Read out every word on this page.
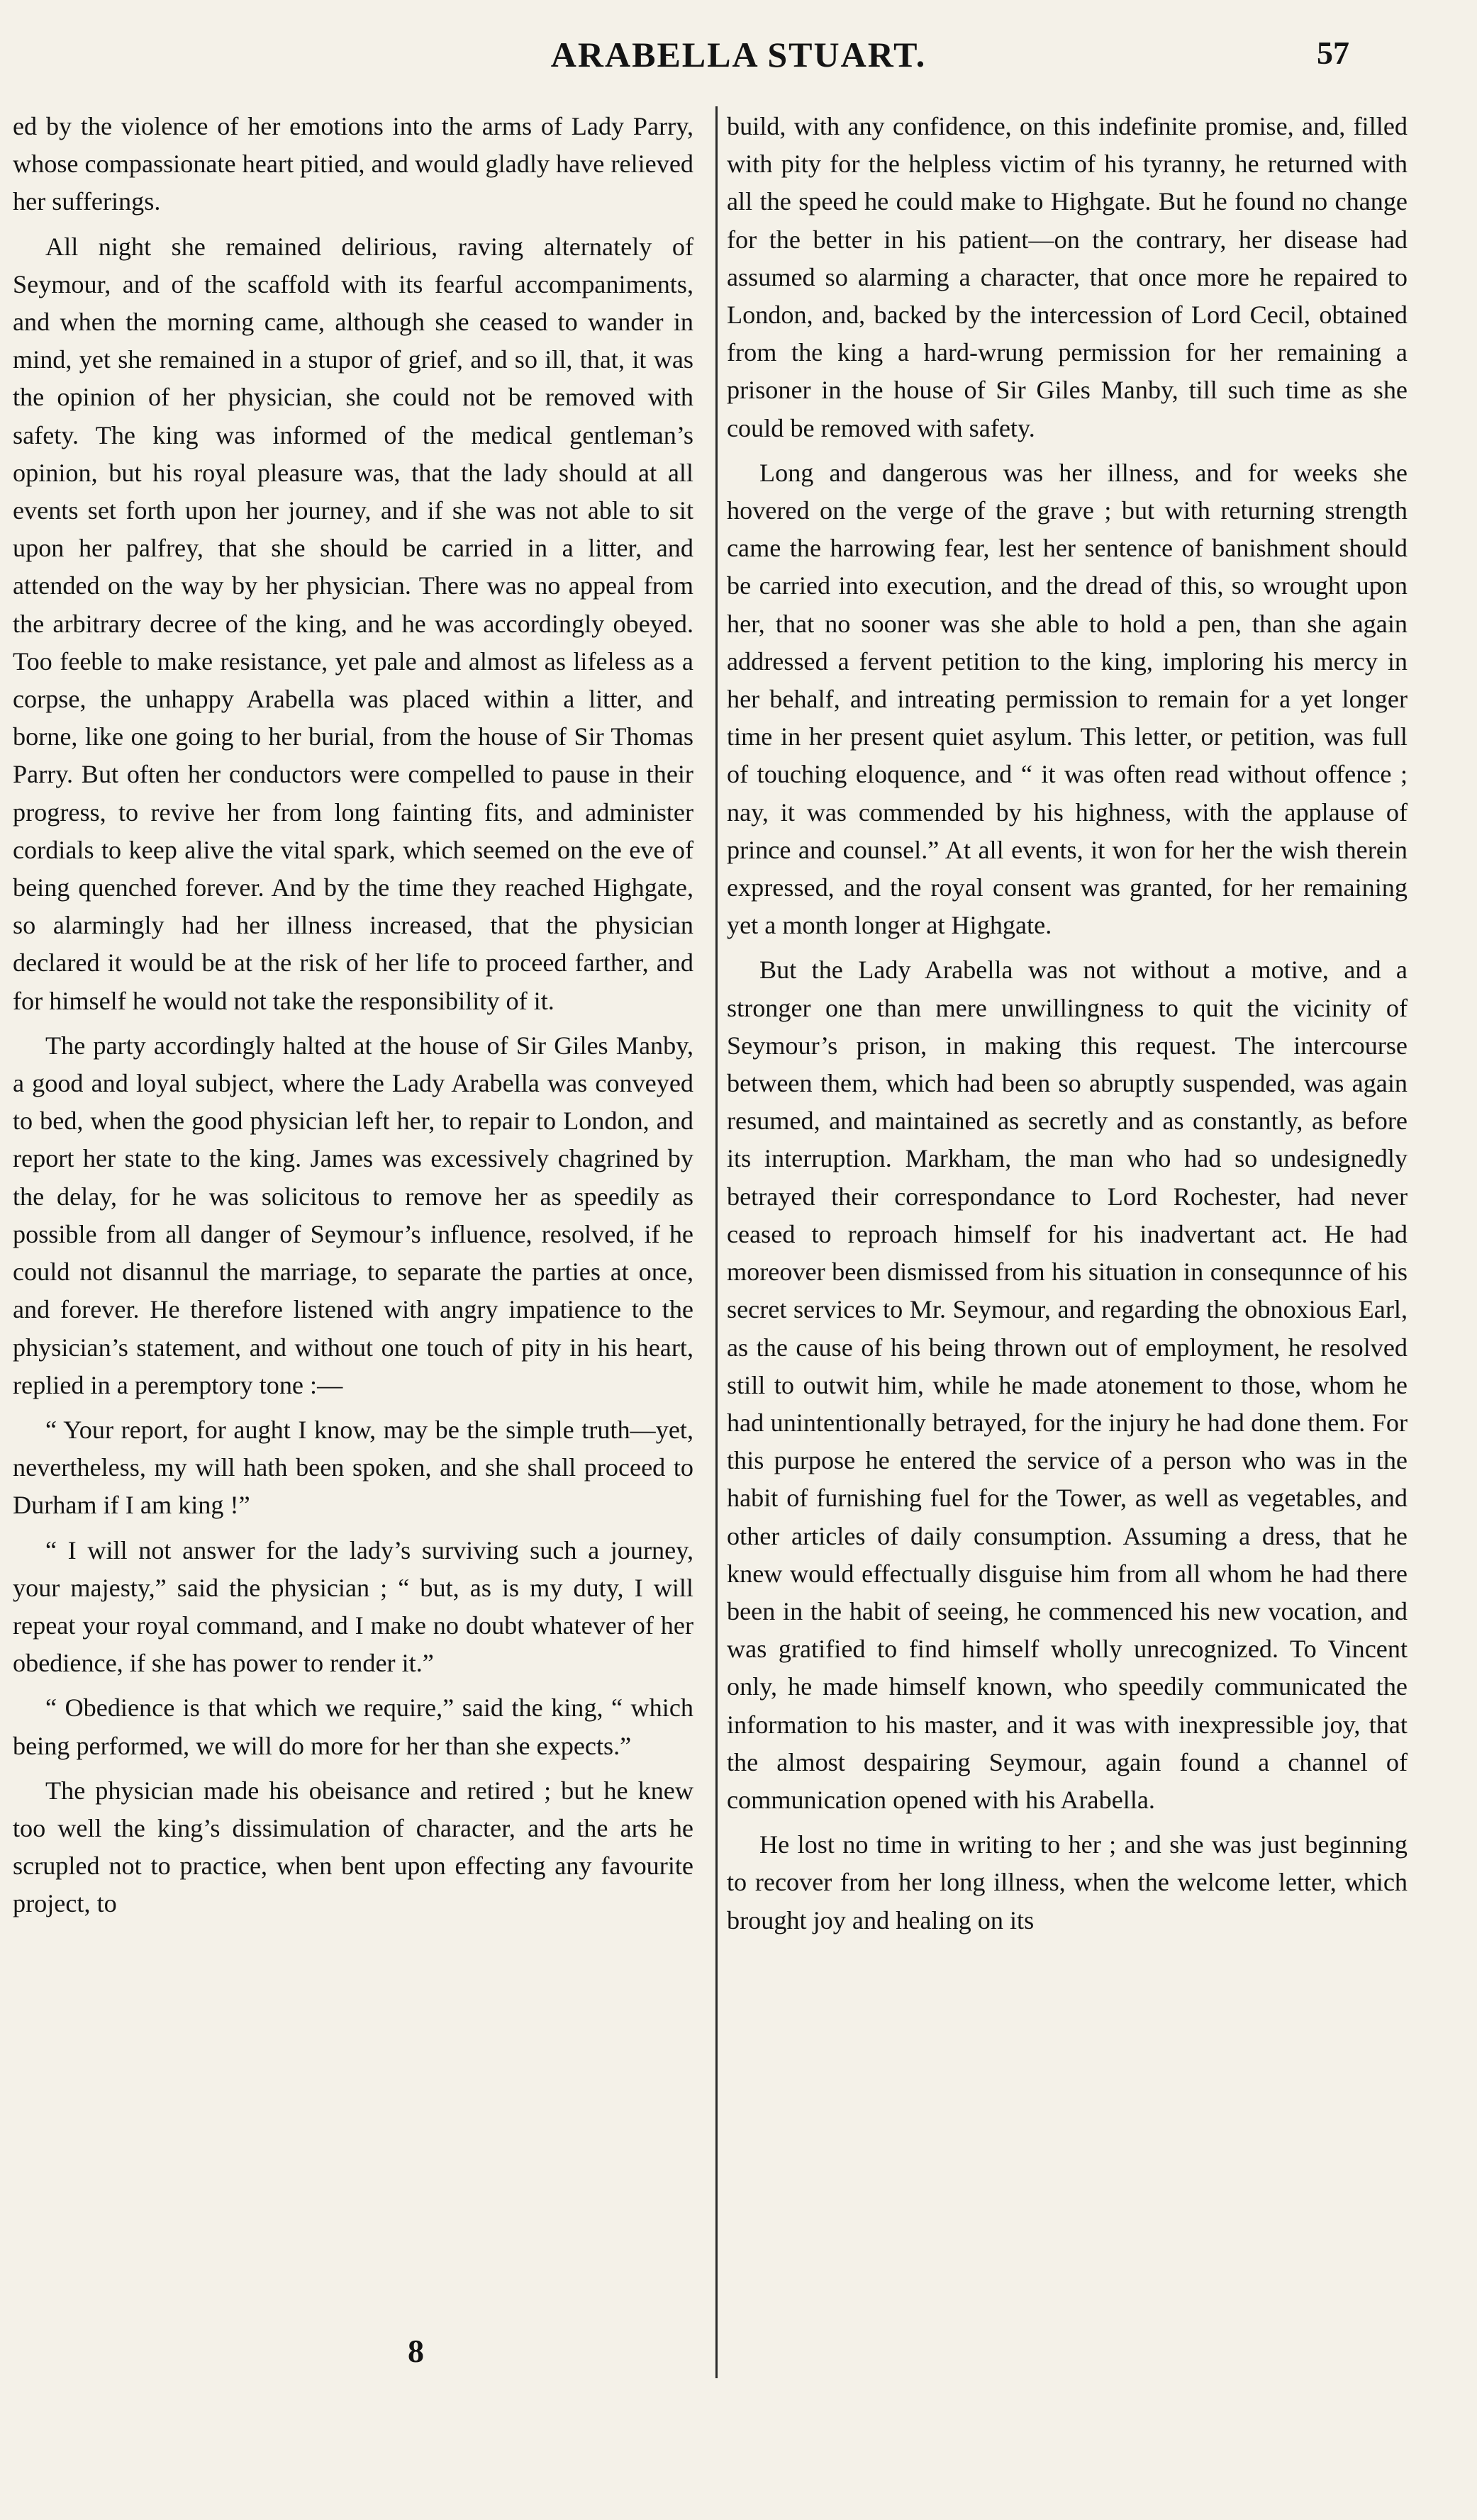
ARABELLA STUART.	57

ed by the violence of her emotions into the arms of Lady Parry, whose compassionate heart pitied, and would gladly have relieved her sufferings.

All night she remained delirious, raving alternately of Seymour, and of the scaffold with its fearful accompaniments, and when the morning came, although she ceased to wander in mind, yet she remained in a stupor of grief, and so ill, that, it was the opinion of her physician, she could not be removed with safety. The king was informed of the medical gentleman’s opinion, but his royal pleasure was, that the lady should at all events set forth upon her journey, and if she was not able to sit upon her palfrey, that she should be carried in a litter, and attended on the way by her physician. There was no appeal from the arbitrary decree of the king, and he was accordingly obeyed. Too feeble to make resistance, yet pale and almost as lifeless as a corpse, the unhappy Arabella was placed within a litter, and borne, like one going to her burial, from the house of Sir Thomas Parry. But often her conductors were compelled to pause in their progress, to revive her from long fainting fits, and administer cordials to keep alive the vital spark, which seemed on the eve of being quenched forever. And by the time they reached Highgate, so alarmingly had her illness increased, that the physician declared it would be at the risk of her life to proceed farther, and for himself he would not take the responsibility of it.

The party accordingly halted at the house of Sir Giles Manby, a good and loyal subject, where the Lady Arabella was conveyed to bed, when the good physician left her, to repair to London, and report her state to the king. James was excessively chagrined by the delay, for he was solicitous to remove her as speedily as possible from all danger of Seymour’s influence, resolved, if he could not disannul the marriage, to separate the parties at once, and forever. He therefore listened with angry impatience to the physician’s statement, and without one touch of pity in his heart, replied in a peremptory tone :—

“ Your report, for aught I know, may be the simple truth—yet, nevertheless, my will hath been spoken, and she shall proceed to Durham if I am king !”

“ I will not answer for the lady’s surviving such a journey, your majesty,” said the physician ; “ but, as is my duty, I will repeat your royal command, and I make no doubt whatever of her obedience, if she has power to render it.”

“ Obedience is that which we require,” said the king, “ which being performed, we will do more for her than she expects.”

The physician made his obeisance and retired ; but he knew too well the king’s dissimulation of character, and the arts he scrupled not to practice, when bent upon effecting any favourite project, to

build, with any confidence, on this indefinite promise, and, filled with pity for the helpless victim of his tyranny, he returned with all the speed he could make to Highgate. But he found no change for the better in his patient—on the contrary, her disease had assumed so alarming a character, that once more he repaired to London, and, backed by the intercession of Lord Cecil, obtained from the king a hard-wrung permission for her remaining a prisoner in the house of Sir Giles Manby, till such time as she could be removed with safety.

Long and dangerous was her illness, and for weeks she hovered on the verge of the grave ; but with returning strength came the harrowing fear, lest her sentence of banishment should be carried into execution, and the dread of this, so wrought upon her, that no sooner was she able to hold a pen, than she again addressed a fervent petition to the king, imploring his mercy in her behalf, and intreating permission to remain for a yet longer time in her present quiet asylum. This letter, or petition, was full of touching eloquence, and “ it was often read without offence ; nay, it was commended by his highness, with the applause of prince and counsel.” At all events, it won for her the wish therein expressed, and the royal consent was granted, for her remaining yet a month longer at Highgate.

But the Lady Arabella was not without a motive, and a stronger one than mere unwillingness to quit the vicinity of Seymour’s prison, in making this request. The intercourse between them, which had been so abruptly suspended, was again resumed, and maintained as secretly and as constantly, as before its interruption. Markham, the man who had so undesignedly betrayed their correspondance to Lord Rochester, had never ceased to reproach himself for his inadvertant act. He had moreover been dismissed from his situation in consequnnce of his secret services to Mr. Seymour, and regarding the obnoxious Earl, as the cause of his being thrown out of employment, he resolved still to outwit him, while he made atonement to those, whom he had unintentionally betrayed, for the injury he had done them. For this purpose he entered the service of a person who was in the habit of furnishing fuel for the Tower, as well as vegetables, and other articles of daily consumption. Assuming a dress, that he knew would effectually disguise him from all whom he had there been in the habit of seeing, he commenced his new vocation, and was gratified to find himself wholly unrecognized. To Vincent only, he made himself known, who speedily communicated the information to his master, and it was with inexpressible joy, that the almost despairing Seymour, again found a channel of communication opened with his Arabella.

He lost no time in writing to her ; and she was just beginning to recover from her long illness, when the welcome letter, which brought joy and healing on its

8
